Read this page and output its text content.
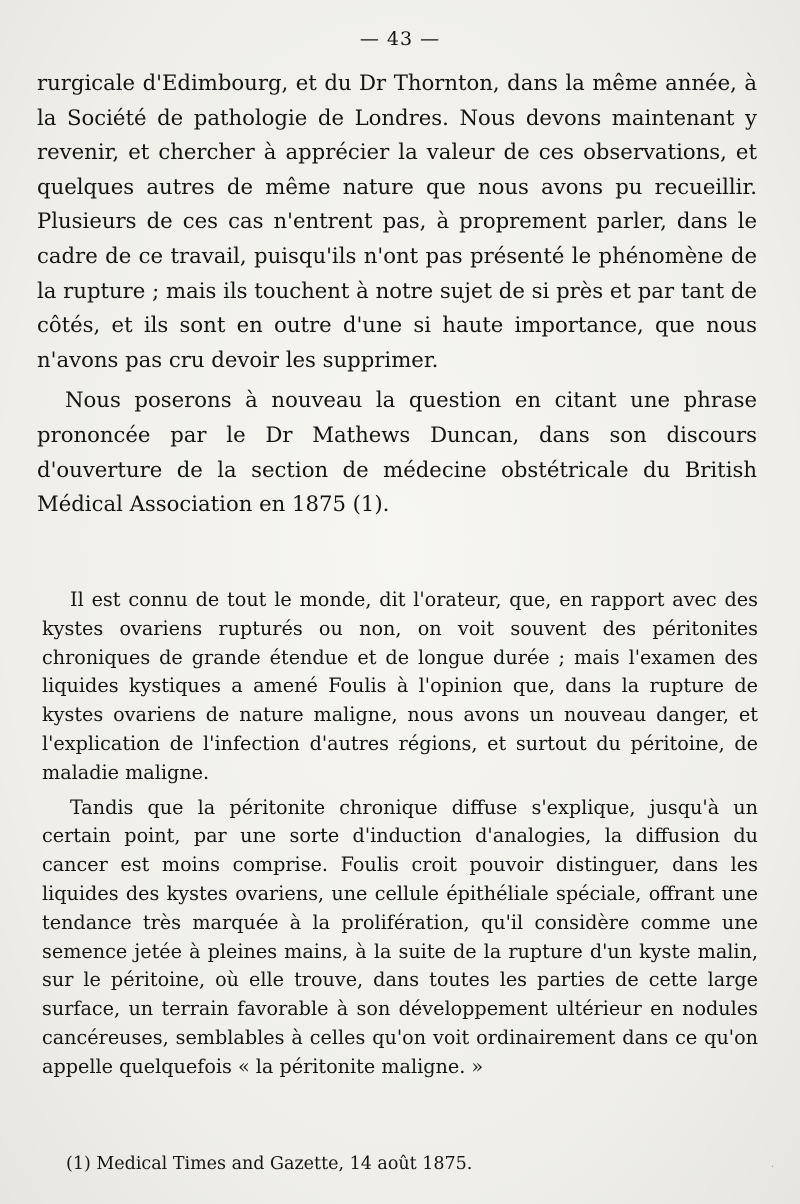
— 43 —

rurgicale d'Edimbourg, et du Dr Thornton, dans la même année, à la Société de pathologie de Londres. Nous devons maintenant y revenir, et chercher à apprécier la valeur de ces observations, et quelques autres de même nature que nous avons pu recueillir. Plusieurs de ces cas n'entrent pas, à proprement parler, dans le cadre de ce travail, puisqu'ils n'ont pas présenté le phénomène de la rupture ; mais ils touchent à notre sujet de si près et par tant de côtés, et ils sont en outre d'une si haute importance, que nous n'avons pas cru devoir les supprimer.

Nous poserons à nouveau la question en citant une phrase prononcée par le Dr Mathews Duncan, dans son discours d'ouverture de la section de médecine obstétricale du British Médical Association en 1875 (1).

Il est connu de tout le monde, dit l'orateur, que, en rapport avec des kystes ovariens rupturés ou non, on voit souvent des péritonites chroniques de grande étendue et de longue durée ; mais l'examen des liquides kystiques a amené Foulis à l'opinion que, dans la rupture de kystes ovariens de nature maligne, nous avons un nouveau danger, et l'explication de l'infection d'autres régions, et surtout du péritoine, de maladie maligne.

Tandis que la péritonite chronique diffuse s'explique, jusqu'à un certain point, par une sorte d'induction d'analogies, la diffusion du cancer est moins comprise. Foulis croit pouvoir distinguer, dans les liquides des kystes ovariens, une cellule épithéliale spéciale, offrant une tendance très marquée à la prolifération, qu'il considère comme une semence jetée à pleines mains, à la suite de la rupture d'un kyste malin, sur le péritoine, où elle trouve, dans toutes les parties de cette large surface, un terrain favorable à son développement ultérieur en nodules cancéreuses, semblables à celles qu'on voit ordinairement dans ce qu'on appelle quelquefois « la péritonite maligne. »

(1) Medical Times and Gazette, 14 août 1875.	·
